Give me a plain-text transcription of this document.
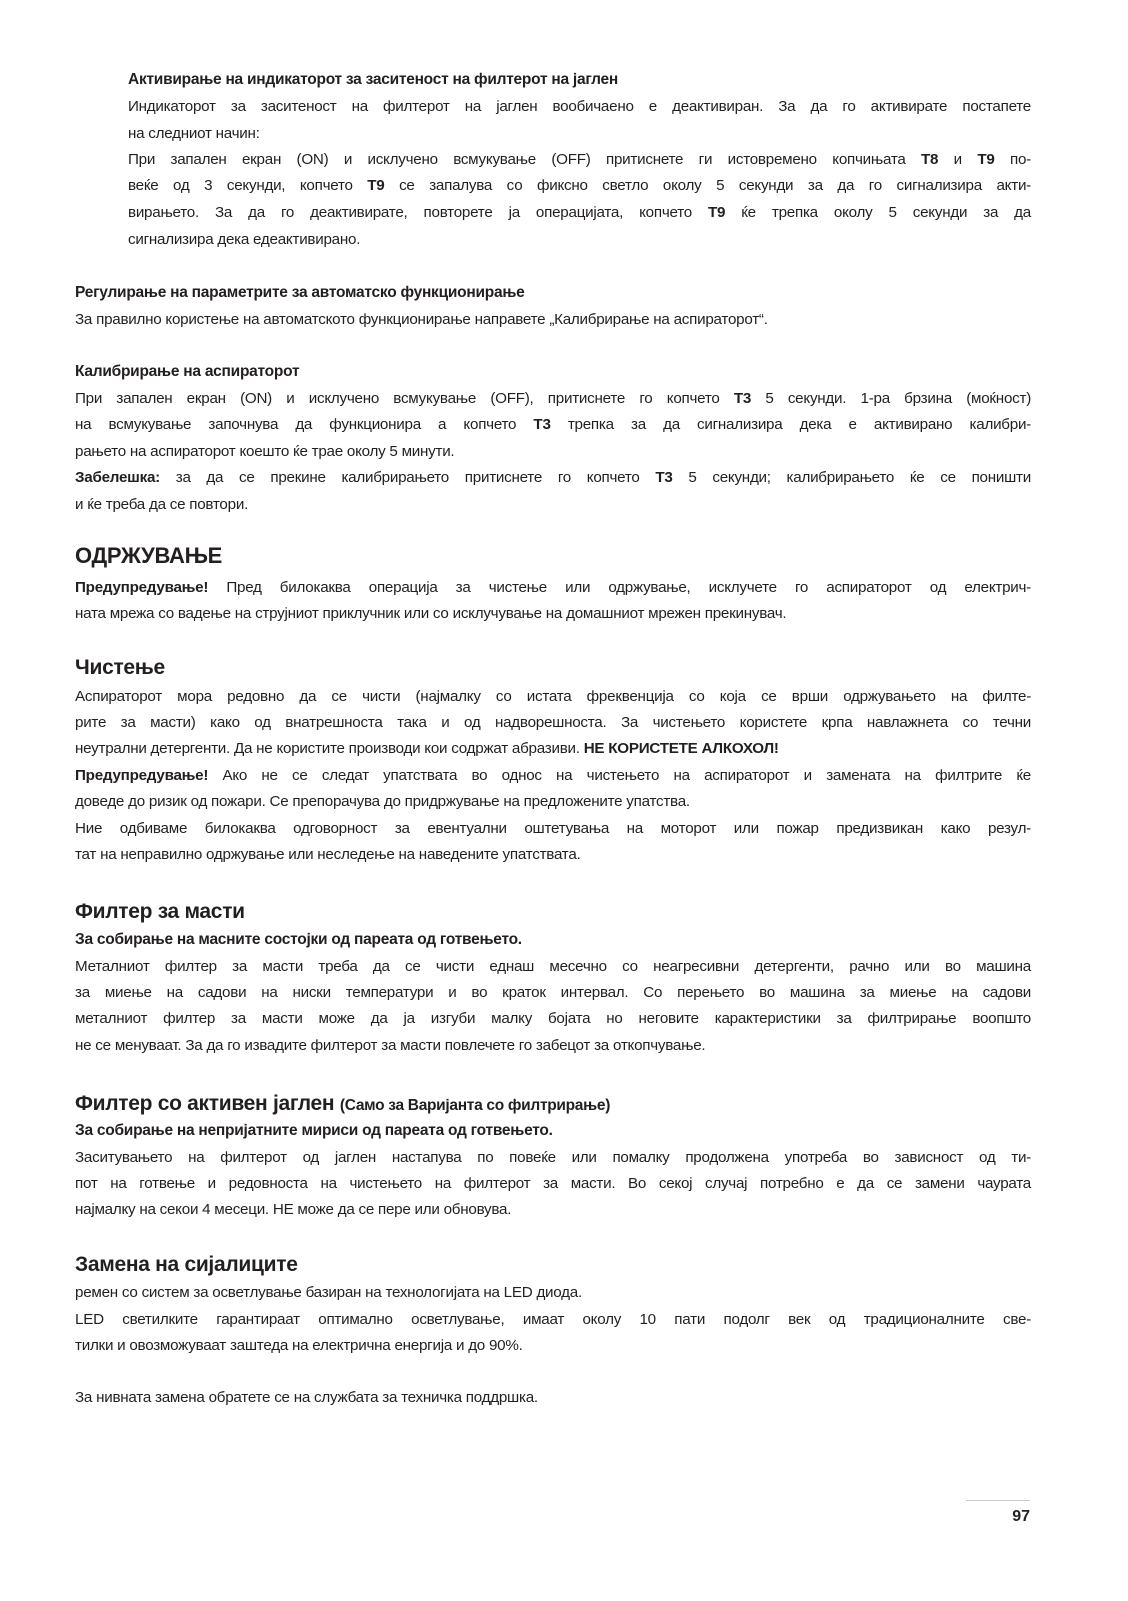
Активирање на индикаторот за заситеност на филтерот на јаглен
Индикаторот за заситеност на филтерот на јаглен вообичаено е деактивиран. За да го активирате постапете
на следниот начин:
При запален екран (ON) и исклучено всмукување (OFF) притиснете ги истовремено копчињата T8 и T9 по-
веќе од 3 секунди, копчето T9 се запалува со фиксно светло околу 5 секунди за да го сигнализира акти-
вирањето. За да го деактивирате, повторете ја операцијата, копчето T9 ќе трепка околу 5 секунди за да
сигнализира дека едеактивирано.
Регулирање на параметрите за автоматско функционирање
За правилно користење на автоматското функционирање направете „Калибрирање на аспираторот“.
Калибрирање на аспираторот
При запален екран (ON) и исклучено всмукување (OFF), притиснете го копчето T3 5 секунди. 1-ра брзина (моќност)
на всмукување започнува да функционира а копчето T3 трепка за да сигнализира дека е активирано калибри-
рањето на аспираторот коешто ќе трае околу 5 минути.
Забелешка: за да се прекине калибрирањето притиснете го копчето T3 5 секунди; калибрирањето ќе се поништи
и ќе треба да се повтори.
ОДРЖУВАЊЕ
Предупредување! Пред билокаква операција за чистење или одржување, исклучете го аспираторот од електрич-
ната мрежа со вадење на струјниот приклучник или со исклучување на домашниот мрежен прекинувач.
Чистење
Аспираторот мора редовно да се чисти (најмалку со истата фреквенција со која се врши одржувањето на филте-
рите за масти) како од внатрешноста така и од надворешноста. За чистењето користете крпа навлажнета со течни
неутрални детергенти. Да не користите производи кои содржат абразиви. НЕ КОРИСТЕТЕ АЛКОХОЛ!
Предупредување! Ако не се следат упатствата во однос на чистењето на аспираторот и замената на филтрите ќе
доведе до ризик од пожари. Се препорачува до придржување на предложените упатства.
Ние одбиваме билокаква одговорност за евентуални оштетувања на моторот или пожар предизвикан како резул-
тат на неправилно одржување или неследење на наведените упатствата.
Филтер за масти
За собирање на масните состојки од пареата од готвењето.
Металниот филтер за масти треба да се чисти еднаш месечно со неагресивни детергенти, рачно или во машина
за миење на садови на ниски температури и во краток интервал. Со перењето во машина за миење на садови
металниот филтер за масти може да ја изгуби малку бојата но неговите карактеристики за филтрирање воопшто
не се менуваат. За да го извадите филтерот за масти повлечете го забецот за откопчување.
Филтер со активен јаглен (Само за Варијанта со филтрирање)
За собирање на непријатните мириси од пареата од готвењето.
Заситувањето на филтерот од јаглен настапува по повеќе или помалку продолжена употреба во зависност од ти-
пот на готвење и редовноста на чистењето на филтерот за масти. Во секој случај потребно е да се замени чаурата
најмалку на секои 4 месеци. НЕ може да се пере или обновува.
Замена на сијалиците
ремен со систем за осветлување базиран на технологијата на LED диода.
LED светилките гарантираат оптимално осветлување, имаат околу 10 пати подолг век од традиционалните све-
тилки и овозможуваат заштеда на електрична енергија и до 90%.
За нивната замена обратете се на службата за техничка поддршка.
97
